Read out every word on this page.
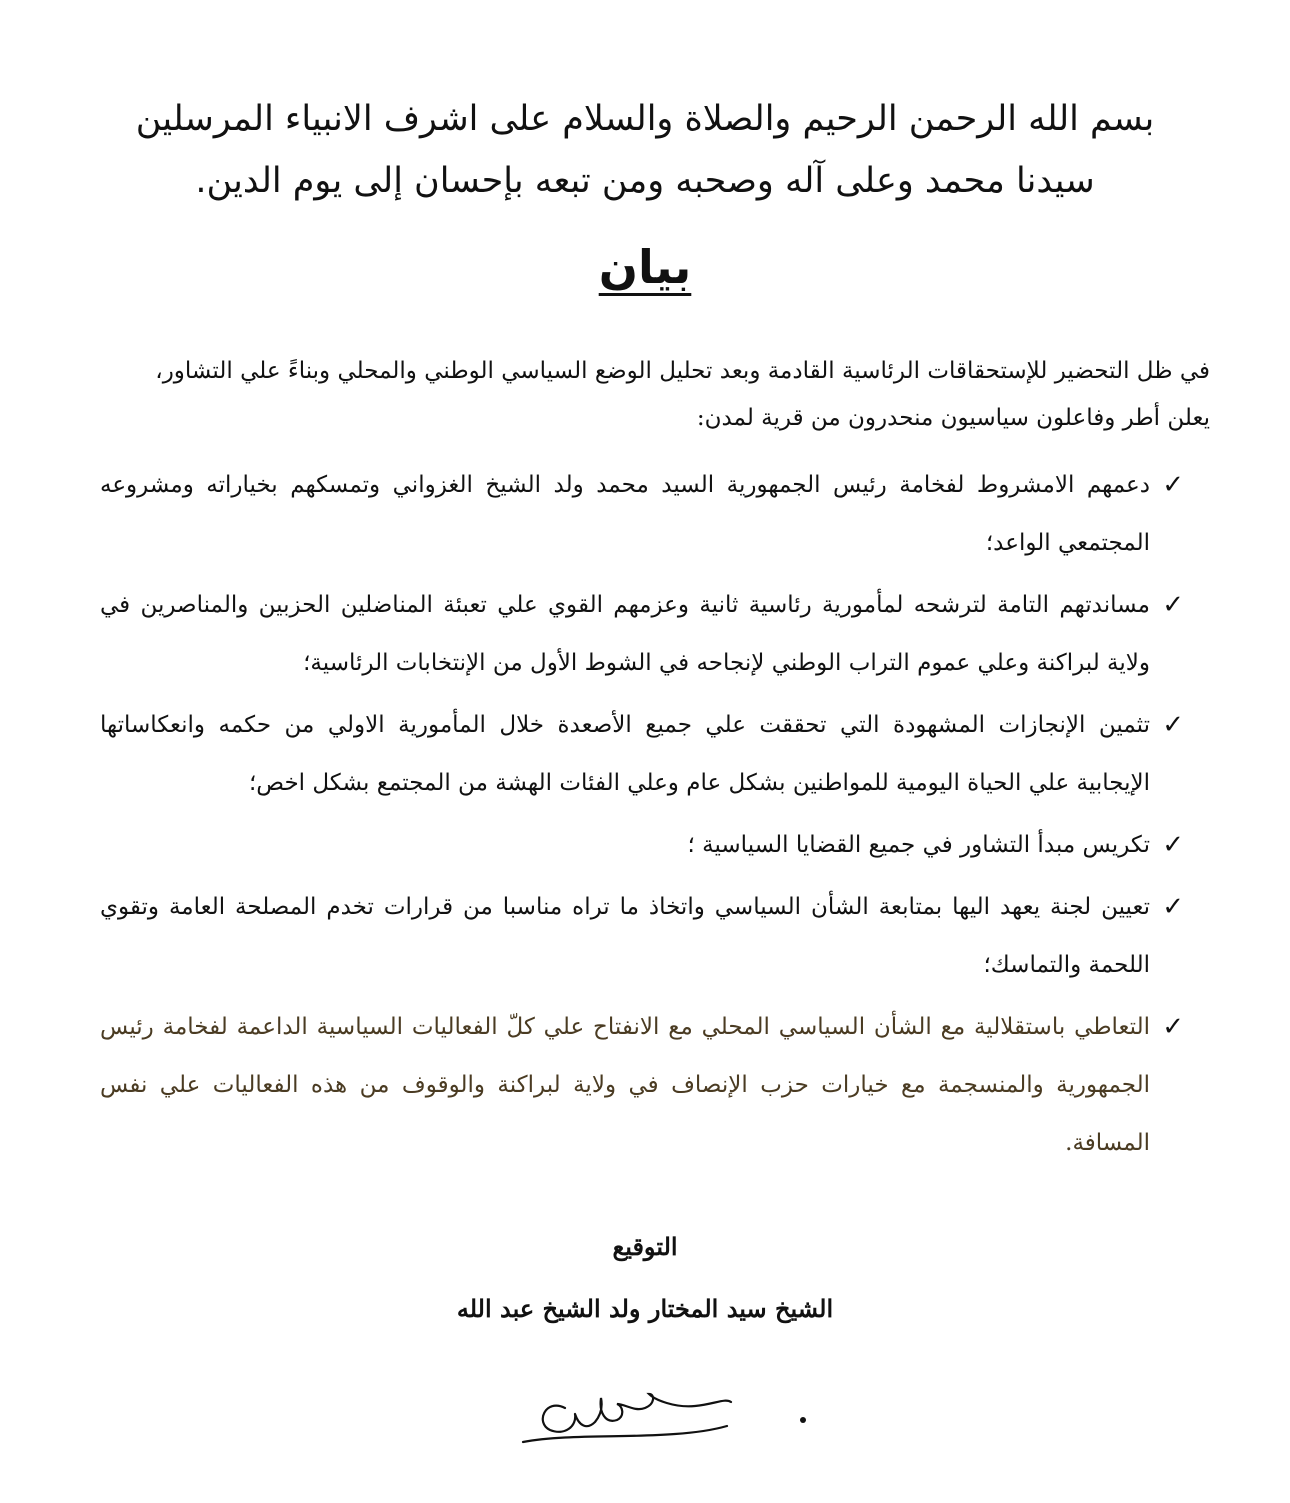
بسم الله الرحمن الرحيم والصلاة والسلام على اشرف الانبياء المرسلين
سيدنا محمد وعلى آله وصحبه ومن تبعه بإحسان إلى يوم الدين.
بيان
في ظل التحضير للإستحقاقات الرئاسية القادمة وبعد تحليل الوضع السياسي الوطني والمحلي وبناءً علي التشاور،
يعلن أطر وفاعلون سياسيون منحدرون من قرية لمدن:
✓
دعمهم الامشروط لفخامة رئيس الجمهورية السيد محمد ولد الشيخ الغزواني وتمسكهم بخياراته ومشروعه المجتمعي الواعد؛
✓
مساندتهم التامة لترشحه لمأمورية رئاسية ثانية وعزمهم القوي علي تعبئة المناضلين الحزبين والمناصرين في ولاية لبراكنة وعلي عموم التراب الوطني لإنجاحه في الشوط الأول من الإنتخابات الرئاسية؛
✓
تثمين الإنجازات المشهودة التي تحققت علي جميع الأصعدة خلال المأمورية الاولي من حكمه وانعكاساتها الإيجابية علي الحياة اليومية للمواطنين بشكل عام وعلي الفئات الهشة من المجتمع بشكل اخص؛
✓
تكريس مبدأ التشاور في جميع القضايا السياسية ؛
✓
تعيين لجنة يعهد اليها بمتابعة الشأن السياسي واتخاذ ما تراه مناسبا من قرارات تخدم المصلحة العامة وتقوي اللحمة والتماسك؛
✓
التعاطي باستقلالية مع الشأن السياسي المحلي مع الانفتاح علي كلّ الفعاليات السياسية الداعمة لفخامة رئيس الجمهورية والمنسجمة مع خيارات حزب الإنصاف في ولاية لبراكنة والوقوف من هذه الفعاليات علي نفس المسافة.
التوقيع
الشيخ سيد المختار ولد الشيخ عبد الله
